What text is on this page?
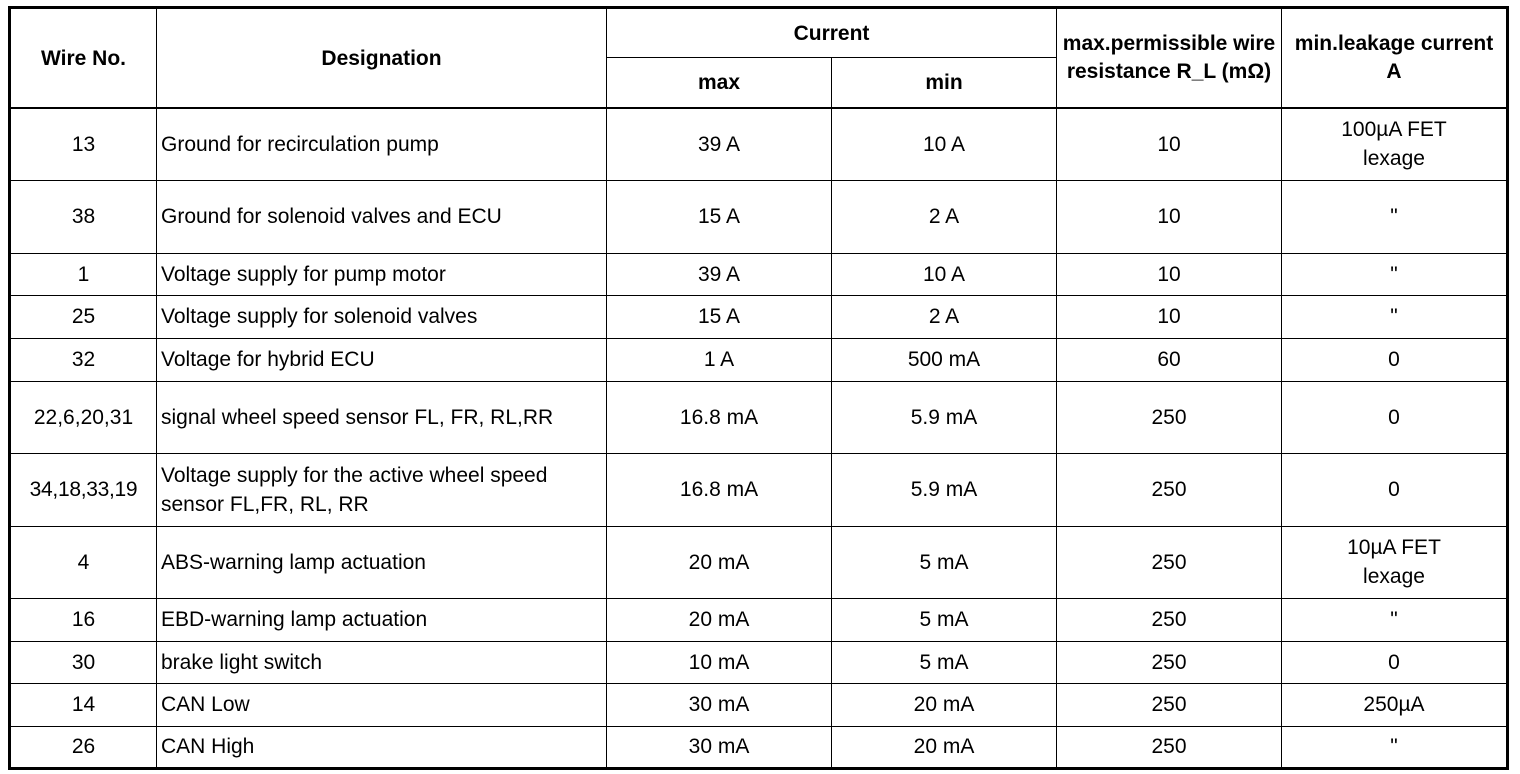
Wire No.	Designation	Current		max.permissible wire resistance R_L (mΩ)	min.leakage current A
		max	min		
13	Ground for recirculation pump	39 A	10 A	10	100µA FET lexage
38	Ground for solenoid valves and ECU	15 A	2 A	10	"
1	Voltage supply for pump motor	39 A	10 A	10	"
25	Voltage supply for solenoid valves	15 A	2 A	10	"
32	Voltage for hybrid ECU	1 A	500 mA	60	0
22,6,20,31	signal wheel speed sensor FL, FR, RL,RR	16.8 mA	5.9 mA	250	0
34,18,33,19	Voltage supply for the active wheel speed sensor FL,FR, RL, RR	16.8 mA	5.9 mA	250	0
4	ABS-warning lamp actuation	20 mA	5 mA	250	10µA FET lexage
16	EBD-warning lamp actuation	20 mA	5 mA	250	"
30	brake light switch	10 mA	5 mA	250	0
14	CAN Low	30 mA	20 mA	250	250µA
26	CAN High	30 mA	20 mA	250	"
